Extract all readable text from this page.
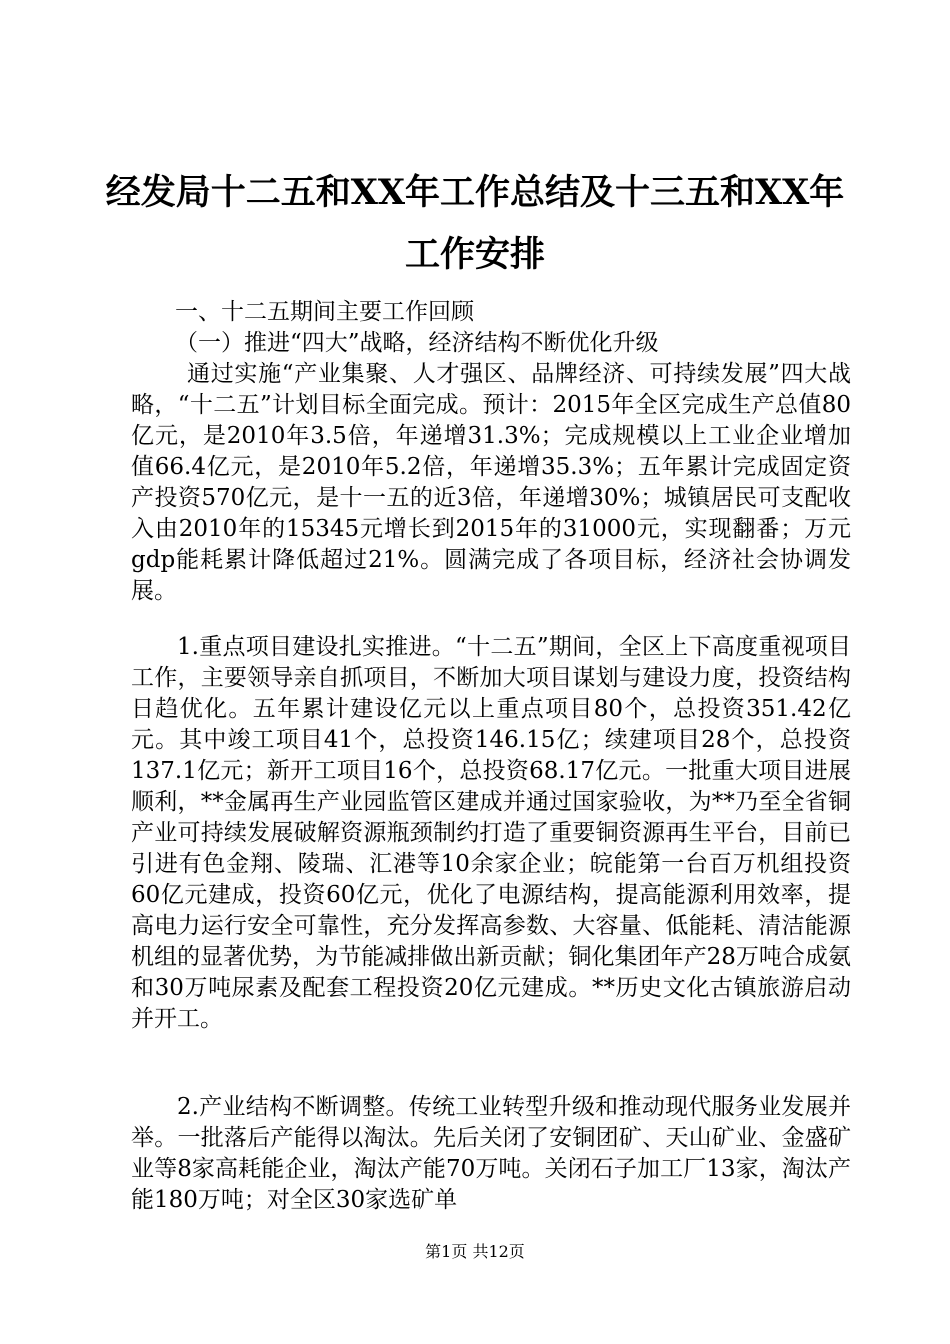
经发局十二五和XX年工作总结及十三五和XX年工作安排

一、十二五期间主要工作回顾

（一）推进“四大”战略，经济结构不断优化升级

通过实施“产业集聚、人才强区、品牌经济、可持续发展”四大战略，“十二五”计划目标全面完成。预计：2015年全区完成生产总值80亿元，是2010年3.5倍，年递增31.3%；完成规模以上工业企业增加值66.4亿元，是2010年5.2倍，年递增35.3%；五年累计完成固定资产投资570亿元，是十一五的近3倍，年递增30%；城镇居民可支配收入由2010年的15345元增长到2015年的31000元，实现翻番；万元gdp能耗累计降低超过21%。圆满完成了各项目标，经济社会协调发展。

1.重点项目建设扎实推进。“十二五”期间，全区上下高度重视项目工作，主要领导亲自抓项目，不断加大项目谋划与建设力度，投资结构日趋优化。五年累计建设亿元以上重点项目80个，总投资351.42亿元。其中竣工项目41个，总投资146.15亿；续建项目28个，总投资137.1亿元；新开工项目16个，总投资68.17亿元。一批重大项目进展顺利，**金属再生产业园监管区建成并通过国家验收，为**乃至全省铜产业可持续发展破解资源瓶颈制约打造了重要铜资源再生平台，目前已引进有色金翔、陵瑞、汇港等10余家企业；皖能第一台百万机组投资60亿元建成，投资60亿元，优化了电源结构，提高能源利用效率，提高电力运行安全可靠性，充分发挥高参数、大容量、低能耗、清洁能源机组的显著优势，为节能减排做出新贡献；铜化集团年产28万吨合成氨和30万吨尿素及配套工程投资20亿元建成。**历史文化古镇旅游启动并开工。

2.产业结构不断调整。传统工业转型升级和推动现代服务业发展并举。一批落后产能得以淘汰。先后关闭了安铜团矿、天山矿业、金盛矿业等8家高耗能企业，淘汰产能70万吨。关闭石子加工厂13家，淘汰产能180万吨；对全区30家选矿单

第1页 共12页
